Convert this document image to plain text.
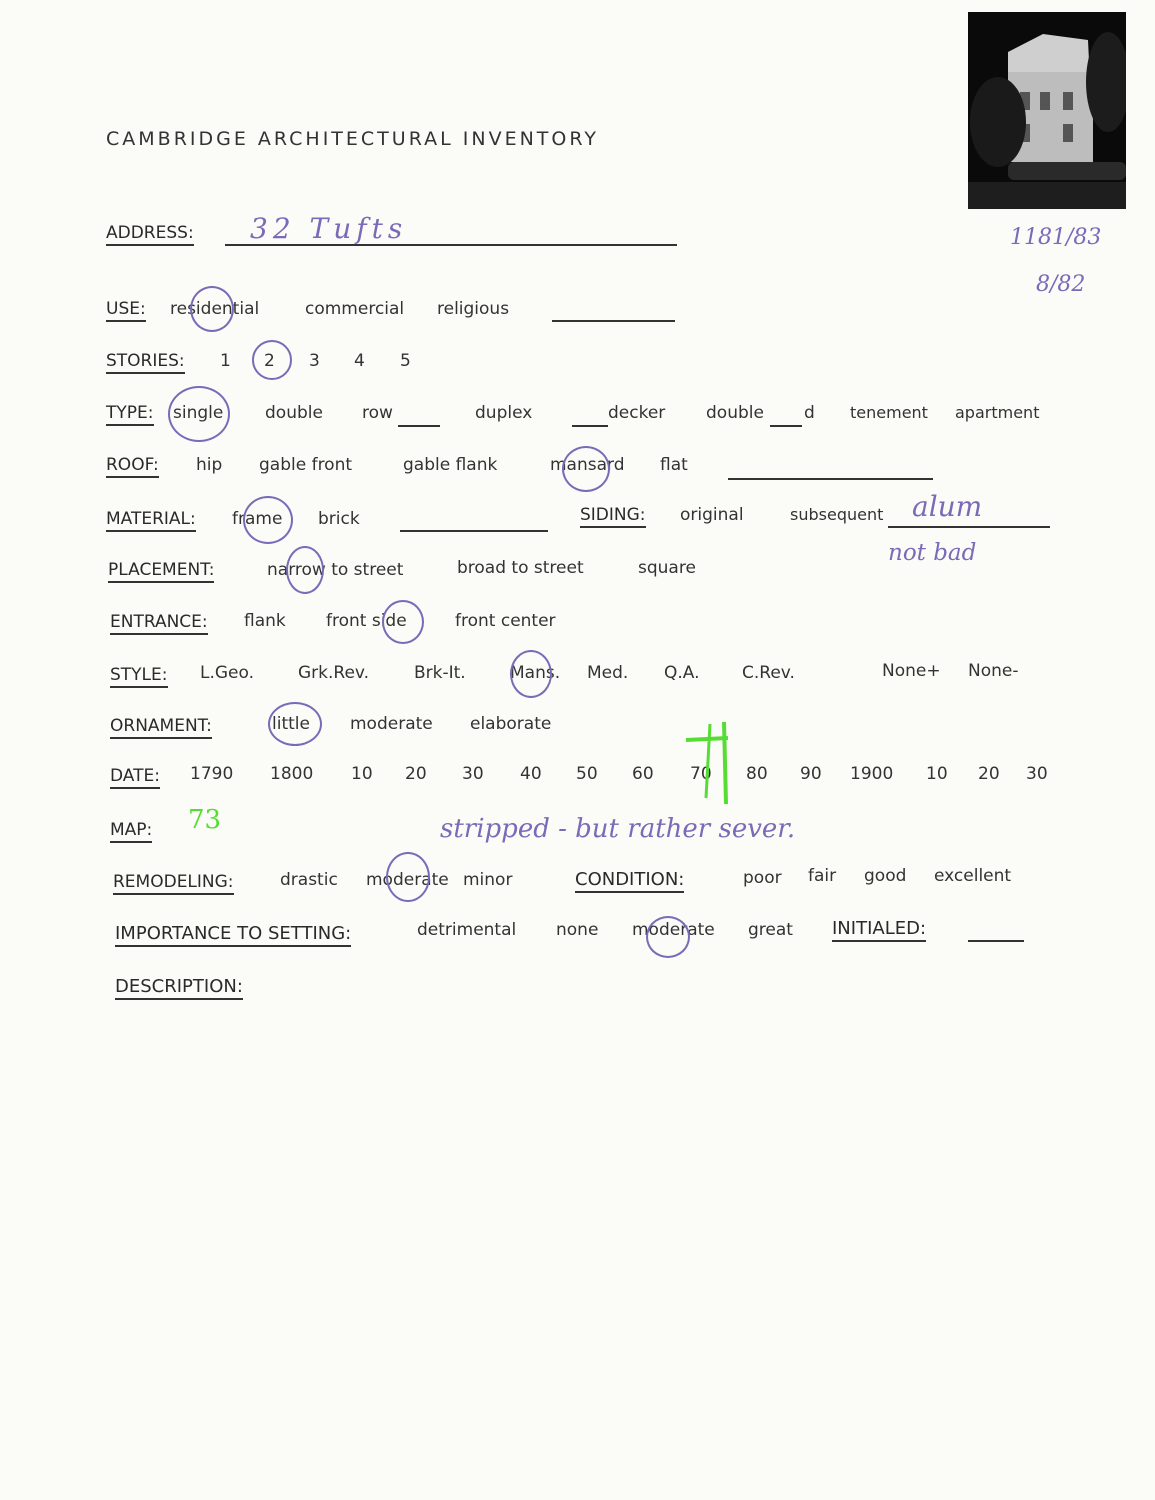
CAMBRIDGE ARCHITECTURAL INVENTORY
ADDRESS: 32 Tufts	1181/83
8/82
USE: residential	commercial religious
STORIES: 1 2 3 4 5
TYPE: single double row	duplex	decker double d tenement apartment
ROOF: hip gable front	gable flank	mansard flat
MATERIAL: frame brick	SIDING: original	subsequent alum
not bad
PLACEMENT:	narrow to street	broad to street	square
ENTRANCE: flank front side	front center
STYLE: L.Geo.	Grk.Rev.	Brk-It.	Mans. Med. Q.A. C.Rev.	None+ None-
ORNAMENT:	little moderate elaborate
DATE: 1790 1800 10 20 30 40 50 60 70 80 90 1900 10 20 30
MAP: 73	stripped - but rather sever.
REMODELING:	drastic moderate minor	CONDITION:	poor fair good excellent
IMPORTANCE TO SETTING:	detrimental none moderate great INITIALED:
DESCRIPTION:
